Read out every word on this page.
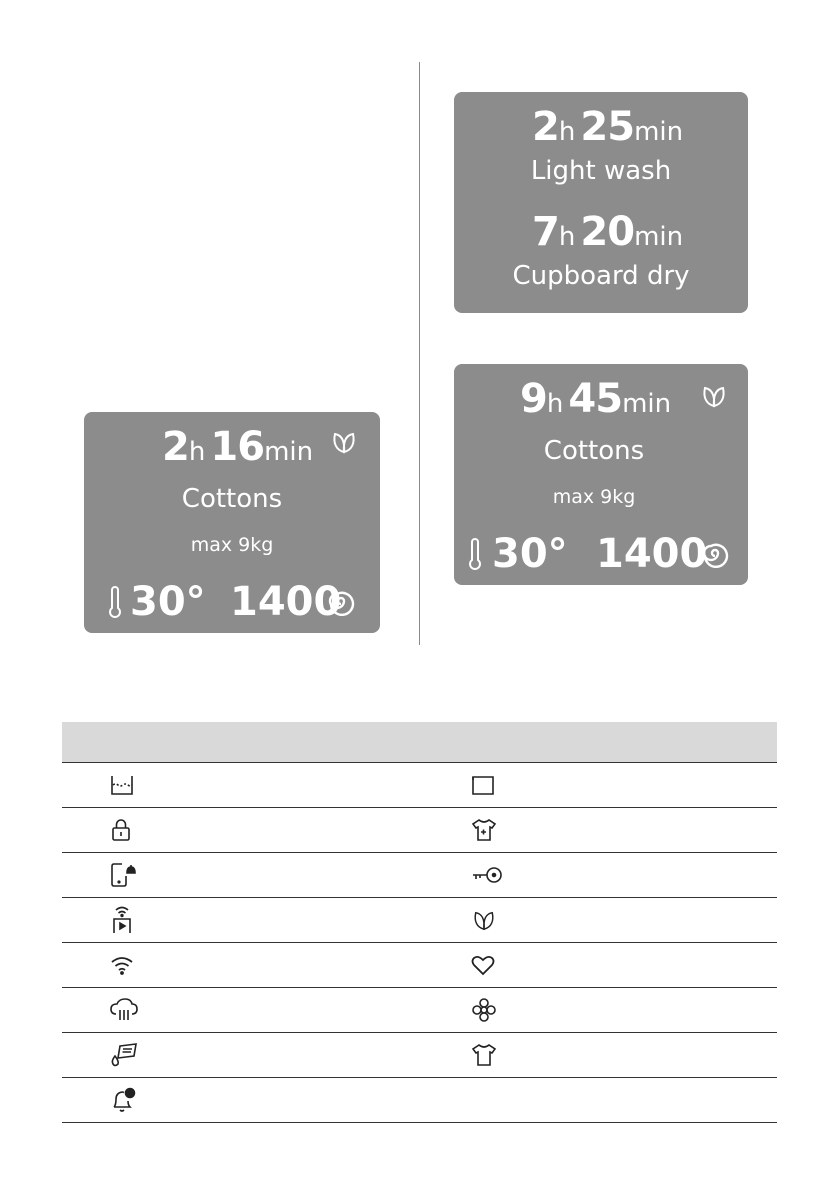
2h 16min
Cottons
max 9kg
30° 1400
2h 25min
Light wash
7h 20min
Cupboard dry
9h 45min
Cottons
max 9kg
30° 1400
